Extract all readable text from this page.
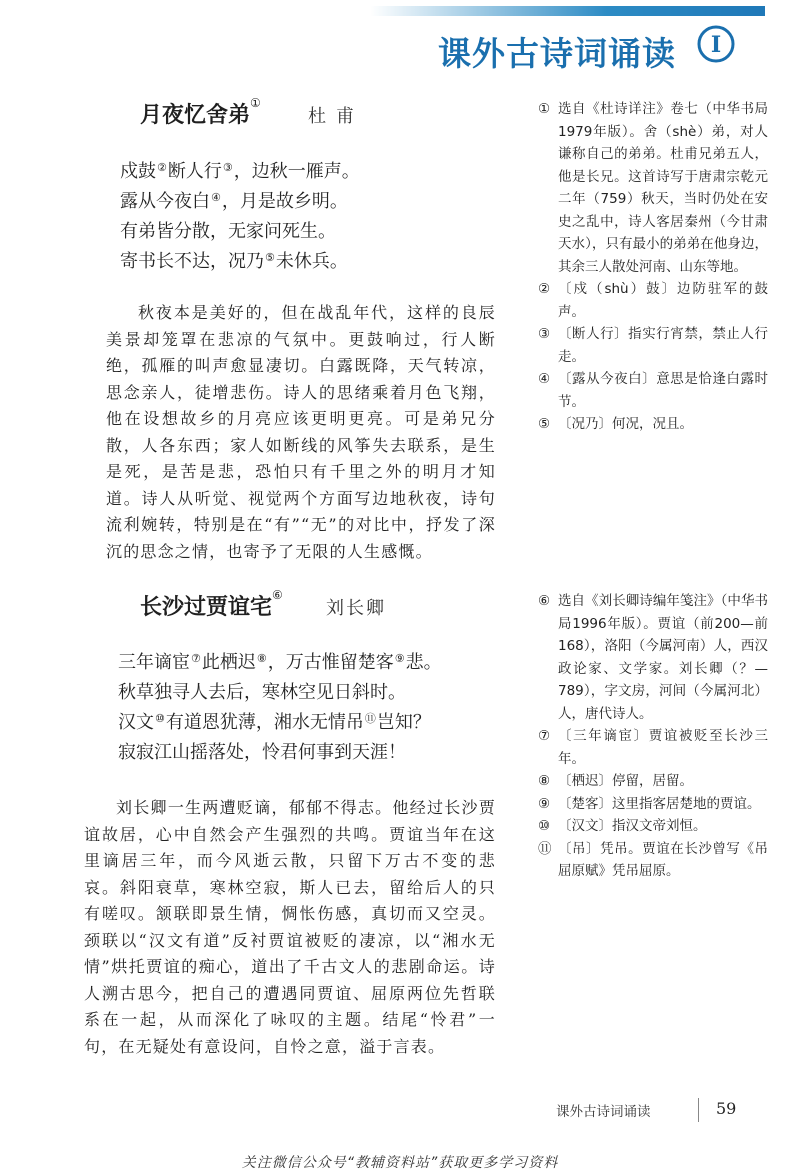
课外古诗词诵读 I
月夜忆舍弟①
杜甫
戍鼓②断人行③，边秋一雁声。
露从今夜白④，月是故乡明。
有弟皆分散，无家问死生。
寄书长不达，况乃⑤未休兵。

秋夜本是美好的，但在战乱年代，这样的良辰美景却笼罩在悲凉的气氛中。更鼓响过，行人断绝，孤雁的叫声愈显凄切。白露既降，天气转凉，思念亲人，徒增悲伤。诗人的思绪乘着月色飞翔，他在设想故乡的月亮应该更明更亮。可是弟兄分散，人各东西；家人如断线的风筝失去联系，是生是死，是苦是悲，恐怕只有千里之外的明月才知道。诗人从听觉、视觉两个方面写边地秋夜，诗句流利婉转，特别是在“有”“无”的对比中，抒发了深沉的思念之情，也寄予了无限的人生感慨。

① 选自《杜诗详注》卷七（中华书局1979年版）。舍（shè）弟，对人谦称自己的弟弟。杜甫兄弟五人，他是长兄。这首诗写于唐肃宗乾元二年（759）秋天，当时仍处在安史之乱中，诗人客居秦州（今甘肃天水），只有最小的弟弟在他身边，其余三人散处河南、山东等地。
② 〔戍（shù）鼓〕边防驻军的鼓声。
③ 〔断人行〕指实行宵禁，禁止人行走。
④ 〔露从今夜白〕意思是恰逢白露时节。
⑤ 〔况乃〕何况，况且。
长沙过贾谊宅⑥
刘长卿
三年谪宦⑦此栖迟⑧，万古惟留楚客⑨悲。
秋草独寻人去后，寒林空见日斜时。
汉文⑩有道恩犹薄，湘水无情吊⑪岂知？
寂寂江山摇落处，怜君何事到天涯！

刘长卿一生两遭贬谪，郁郁不得志。他经过长沙贾谊故居，心中自然会产生强烈的共鸣。贾谊当年在这里谪居三年，而今风逝云散，只留下万古不变的悲哀。斜阳衰草，寒林空寂，斯人已去，留给后人的只有嗟叹。颔联即景生情，惆怅伤感，真切而又空灵。颈联以“汉文有道”反衬贾谊被贬的凄凉，以“湘水无情”烘托贾谊的痴心，道出了千古文人的悲剧命运。诗人溯古思今，把自己的遭遇同贾谊、屈原两位先哲联系在一起，从而深化了咏叹的主题。结尾“怜君”一句，在无疑处有意设问，自怜之意，溢于言表。

⑥ 选自《刘长卿诗编年笺注》（中华书局1996年版）。贾谊（前200—前168），洛阳（今属河南）人，西汉政论家、文学家。刘长卿（？—789），字文房，河间（今属河北）人，唐代诗人。
⑦ 〔三年谪宦〕贾谊被贬至长沙三年。
⑧ 〔栖迟〕停留，居留。
⑨ 〔楚客〕这里指客居楚地的贾谊。
⑩ 〔汉文〕指汉文帝刘恒。
⑪ 〔吊〕凭吊。贾谊在长沙曾写《吊屈原赋》凭吊屈原。
课外古诗词诵读	59
关注微信公众号“教辅资料站”获取更多学习资料
